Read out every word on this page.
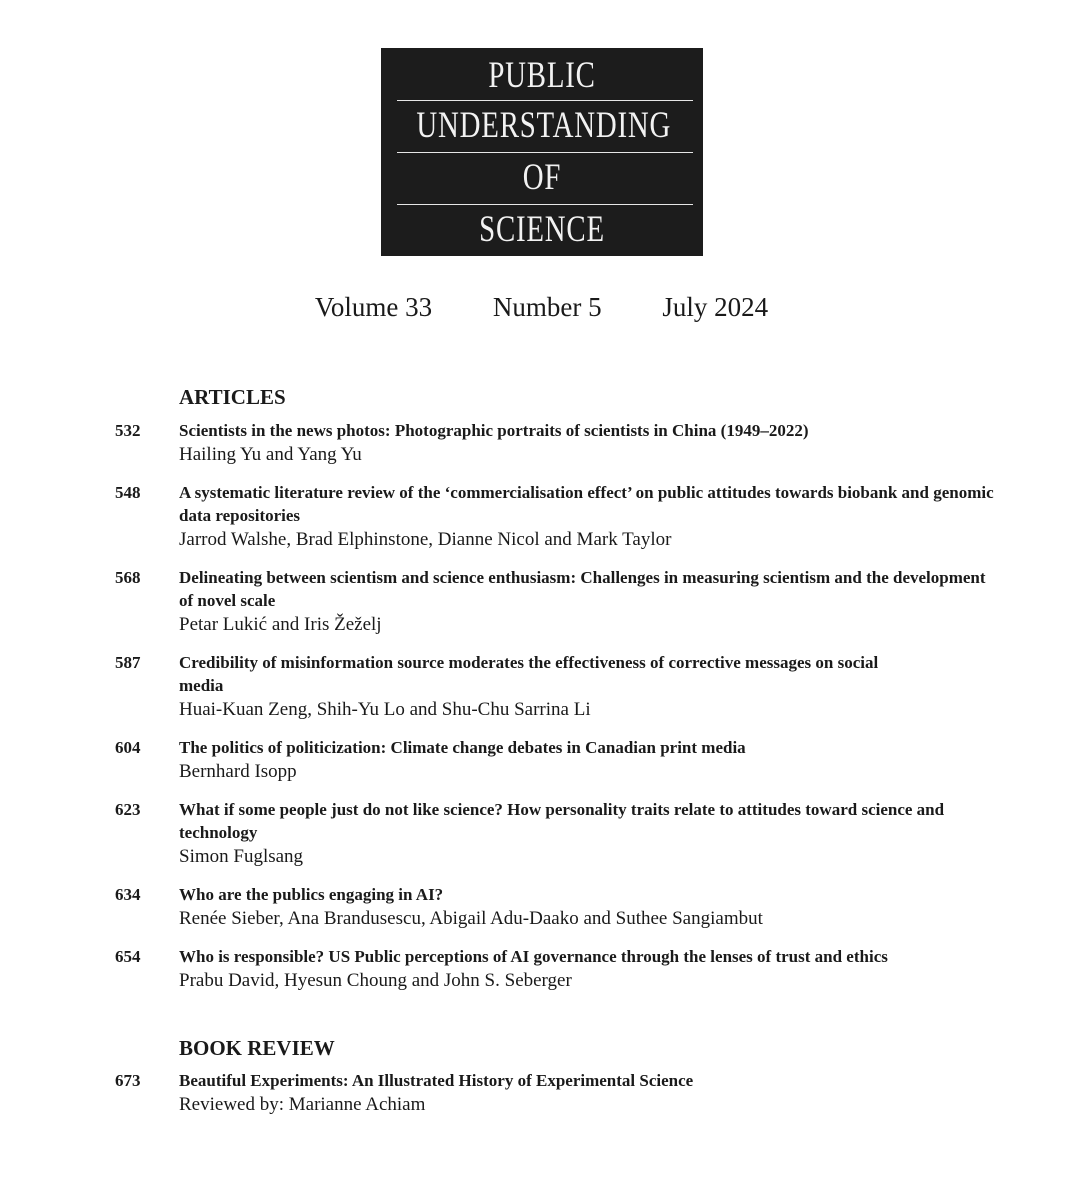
PUBLIC
UNDERSTANDING
OF
SCIENCE
Volume 33 Number 5 July 2024
ARTICLES
532 Scientists in the news photos: Photographic portraits of scientists in China (1949–2022)
Hailing Yu and Yang Yu
548 A systematic literature review of the ‘commercialisation effect’ on public attitudes towards biobank and genomic data repositories
Jarrod Walshe, Brad Elphinstone, Dianne Nicol and Mark Taylor
568 Delineating between scientism and science enthusiasm: Challenges in measuring scientism and the development of novel scale
Petar Lukić and Iris Žeželj
587 Credibility of misinformation source moderates the effectiveness of corrective messages on social media
Huai-Kuan Zeng, Shih-Yu Lo and Shu-Chu Sarrina Li
604 The politics of politicization: Climate change debates in Canadian print media
Bernhard Isopp
623 What if some people just do not like science? How personality traits relate to attitudes toward science and technology
Simon Fuglsang
634 Who are the publics engaging in AI?
Renée Sieber, Ana Brandusescu, Abigail Adu-Daako and Suthee Sangiambut
654 Who is responsible? US Public perceptions of AI governance through the lenses of trust and ethics
Prabu David, Hyesun Choung and John S. Seberger
BOOK REVIEW
673 Beautiful Experiments: An Illustrated History of Experimental Science
Reviewed by: Marianne Achiam
